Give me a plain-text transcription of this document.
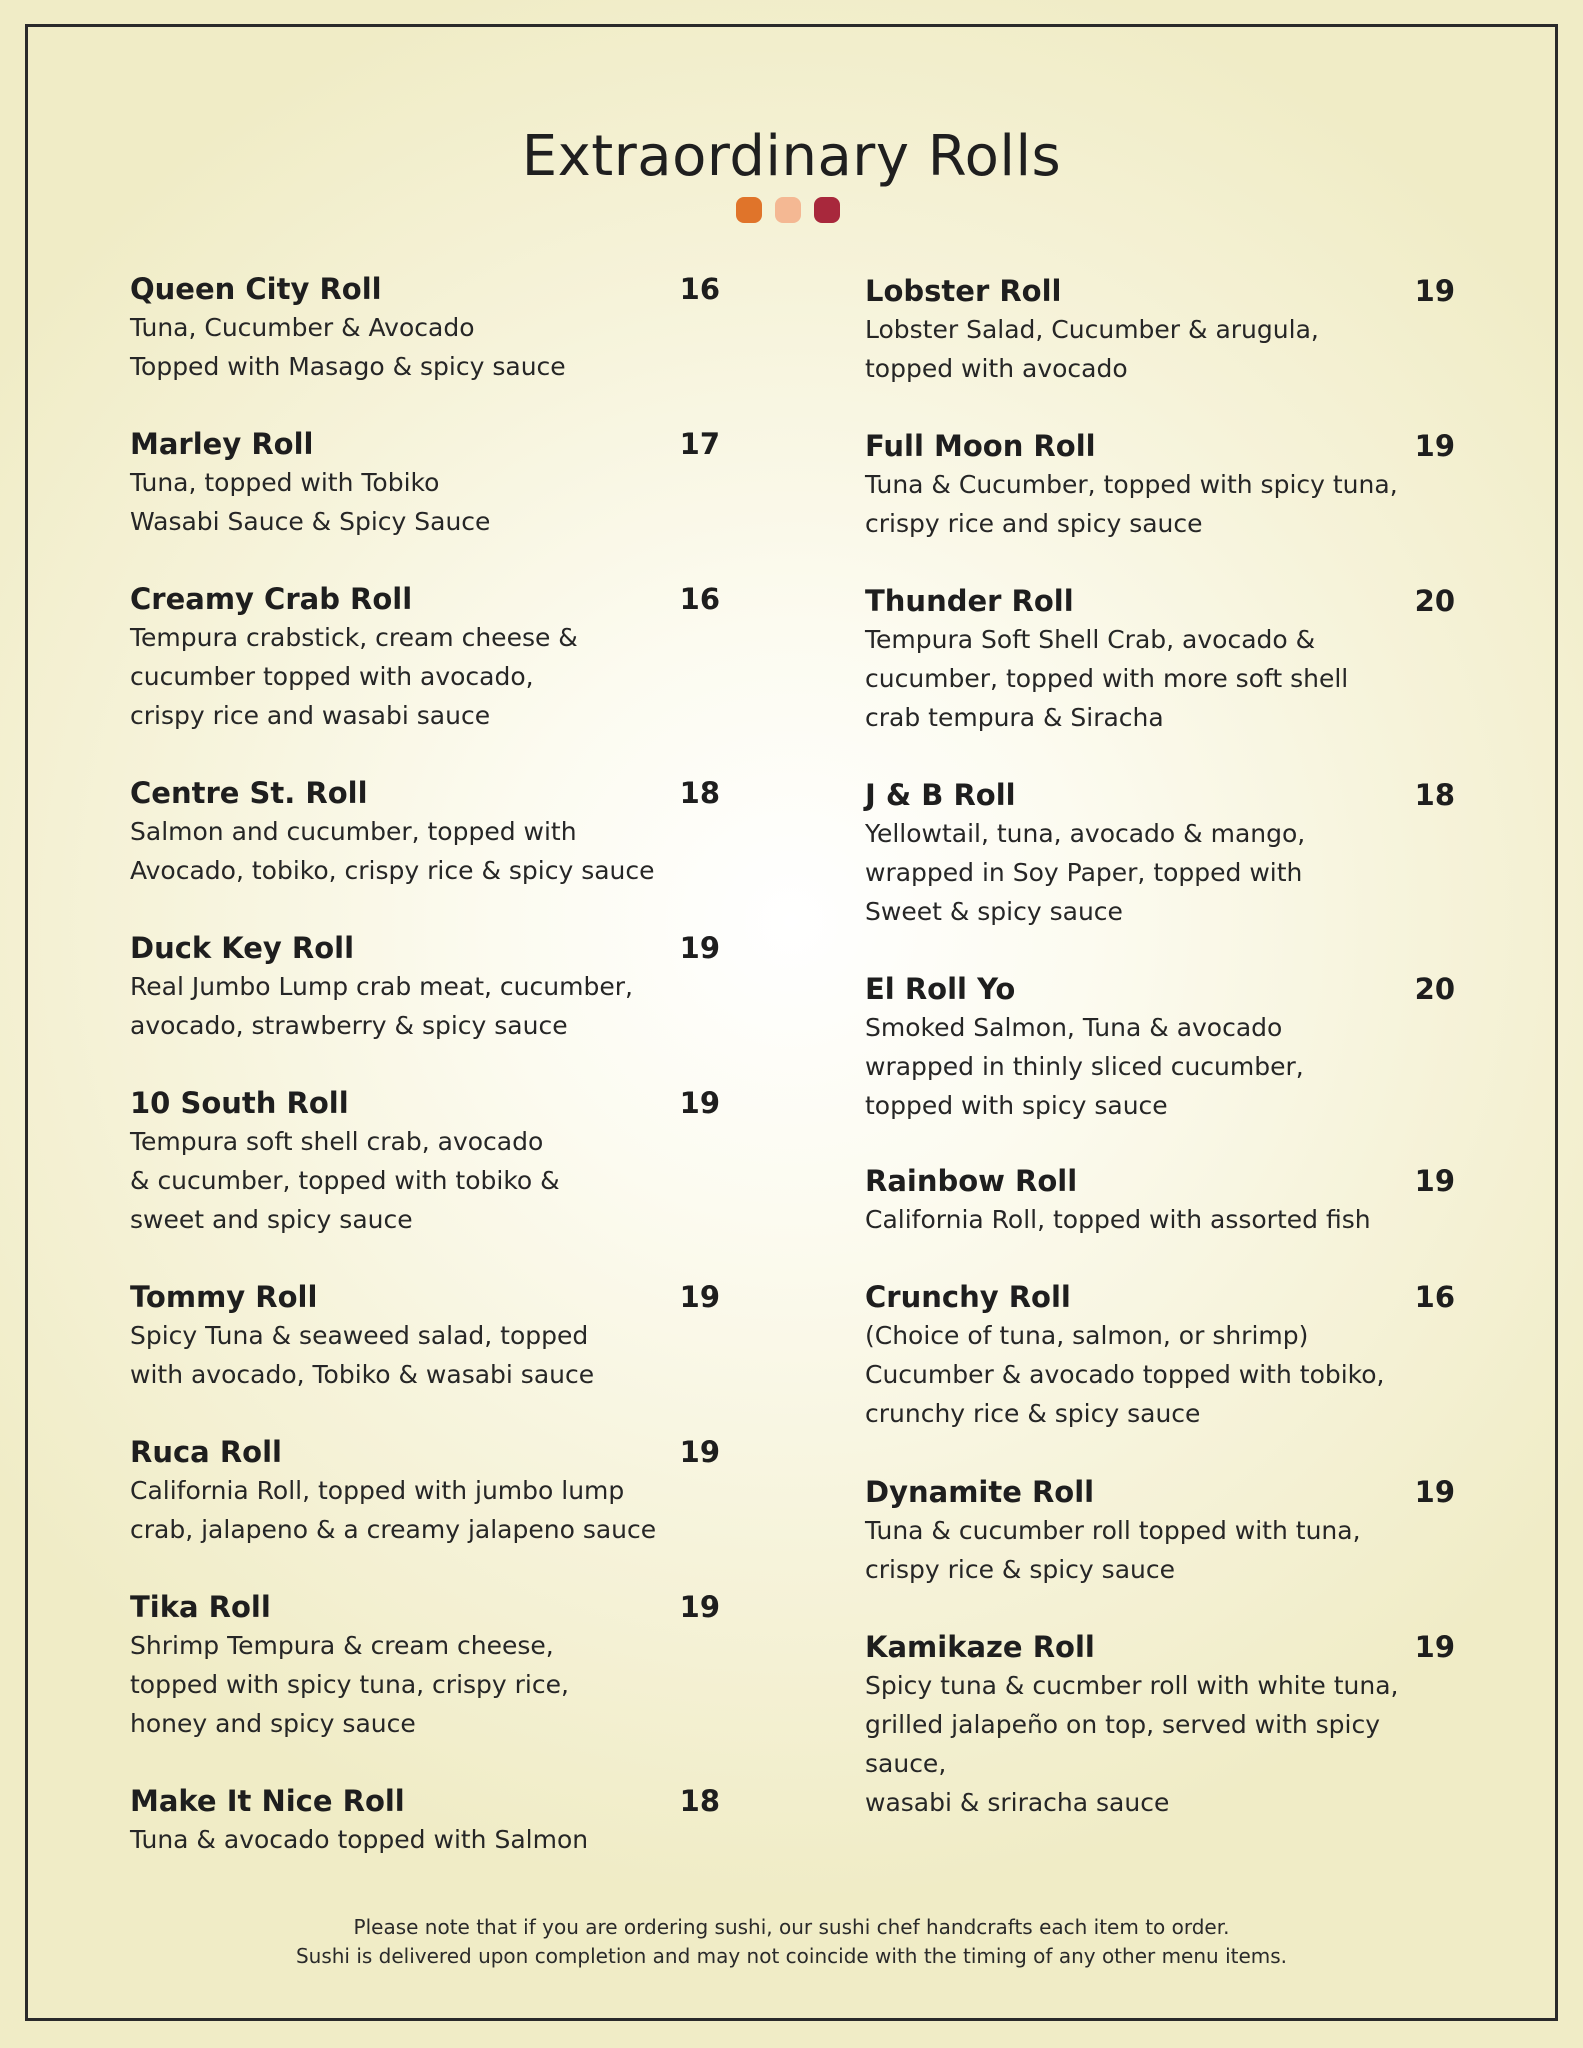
Extraordinary Rolls
Queen City Roll	16
Tuna, Cucumber & Avocado
Topped with Masago & spicy sauce
Marley Roll	17
Tuna, topped with Tobiko
Wasabi Sauce & Spicy Sauce
Creamy Crab Roll	16
Tempura crabstick, cream cheese &
cucumber topped with avocado,
crispy rice and wasabi sauce
Centre St. Roll	18
Salmon and cucumber, topped with
Avocado, tobiko, crispy rice & spicy sauce
Duck Key Roll	19
Real Jumbo Lump crab meat, cucumber,
avocado, strawberry & spicy sauce
10 South Roll	19
Tempura soft shell crab, avocado
& cucumber, topped with tobiko &
sweet and spicy sauce
Tommy Roll	19
Spicy Tuna & seaweed salad, topped
with avocado, Tobiko & wasabi sauce
Ruca Roll	19
California Roll, topped with jumbo lump
crab, jalapeno & a creamy jalapeno sauce
Tika Roll	19
Shrimp Tempura & cream cheese,
topped with spicy tuna, crispy rice,
honey and spicy sauce
Make It Nice Roll	18
Tuna & avocado topped with Salmon
Lobster Roll	19
Lobster Salad, Cucumber & arugula,
topped with avocado
Full Moon Roll	19
Tuna & Cucumber, topped with spicy tuna,
crispy rice and spicy sauce
Thunder Roll	20
Tempura Soft Shell Crab, avocado &
cucumber, topped with more soft shell
crab tempura & Siracha
J & B Roll	18
Yellowtail, tuna, avocado & mango,
wrapped in Soy Paper, topped with
Sweet & spicy sauce
El Roll Yo	20
Smoked Salmon, Tuna & avocado
wrapped in thinly sliced cucumber,
topped with spicy sauce
Rainbow Roll	19
California Roll, topped with assorted fish
Crunchy Roll	16
(Choice of tuna, salmon, or shrimp)
Cucumber & avocado topped with tobiko,
crunchy rice & spicy sauce
Dynamite Roll	19
Tuna & cucumber roll topped with tuna,
crispy rice & spicy sauce
Kamikaze Roll	19
Spicy tuna & cucmber roll with white tuna,
grilled jalapeño on top, served with spicy sauce,
wasabi & sriracha sauce
Please note that if you are ordering sushi, our sushi chef handcrafts each item to order.
Sushi is delivered upon completion and may not coincide with the timing of any other menu items.
